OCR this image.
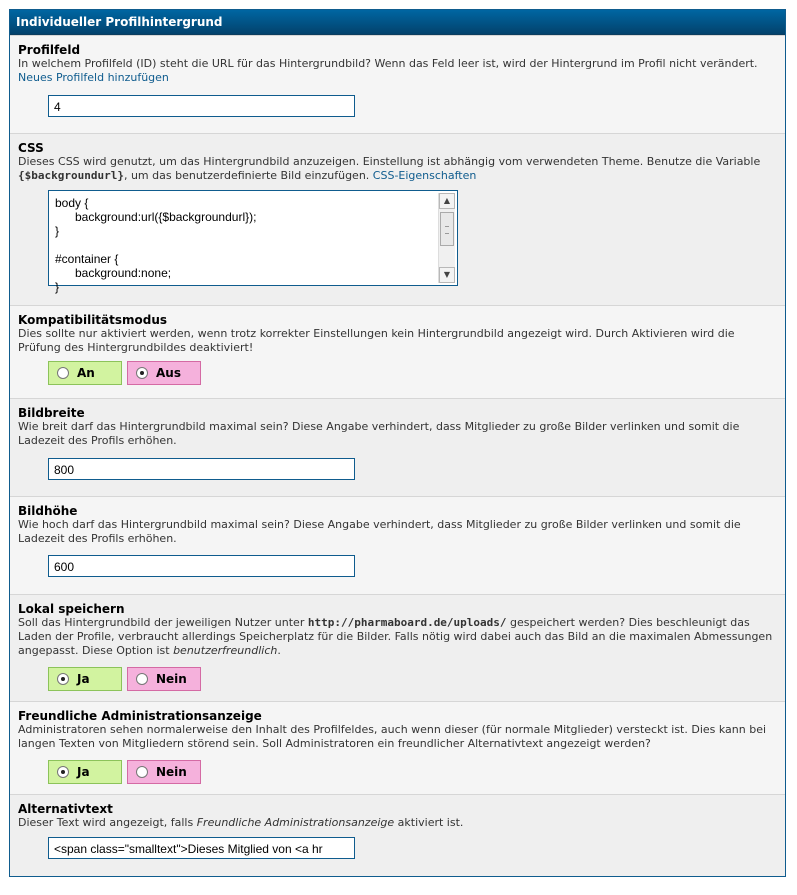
Individueller Profilhintergrund
Profilfeld
In welchem Profilfeld (ID) steht die URL für das Hintergrundbild? Wenn das Feld leer ist, wird der Hintergrund im Profil nicht verändert. Neues Profilfeld hinzufügen
4
CSS
Dieses CSS wird genutzt, um das Hintergrundbild anzuzeigen. Einstellung ist abhängig vom verwendeten Theme. Benutze die Variable {$backgroundurl}, um das benutzerdefinierte Bild einzufügen. CSS-Eigenschaften
body {
background:url({$backgroundurl});
}

#container {
background:none;
}
▲
▼
Kompatibilitätsmodus
Dies sollte nur aktiviert werden, wenn trotz korrekter Einstellungen kein Hintergrundbild angezeigt wird. Durch Aktivieren wird die Prüfung des Hintergrundbildes deaktiviert!
An	Aus
Bildbreite
Wie breit darf das Hintergrundbild maximal sein? Diese Angabe verhindert, dass Mitglieder zu große Bilder verlinken und somit die Ladezeit des Profils erhöhen.
800
Bildhöhe
Wie hoch darf das Hintergrundbild maximal sein? Diese Angabe verhindert, dass Mitglieder zu große Bilder verlinken und somit die Ladezeit des Profils erhöhen.
600
Lokal speichern
Soll das Hintergrundbild der jeweiligen Nutzer unter http://pharmaboard.de/uploads/ gespeichert werden? Dies beschleunigt das Laden der Profile, verbraucht allerdings Speicherplatz für die Bilder. Falls nötig wird dabei auch das Bild an die maximalen Abmessungen angepasst. Diese Option ist benutzerfreundlich.
Ja	Nein
Freundliche Administrationsanzeige
Administratoren sehen normalerweise den Inhalt des Profilfeldes, auch wenn dieser (für normale Mitglieder) versteckt ist. Dies kann bei langen Texten von Mitgliedern störend sein. Soll Administratoren ein freundlicher Alternativtext angezeigt werden?
Ja	Nein
Alternativtext
Dieser Text wird angezeigt, falls Freundliche Administrationsanzeige aktiviert ist.
<span class="smalltext">Dieses Mitglied von <a hr
